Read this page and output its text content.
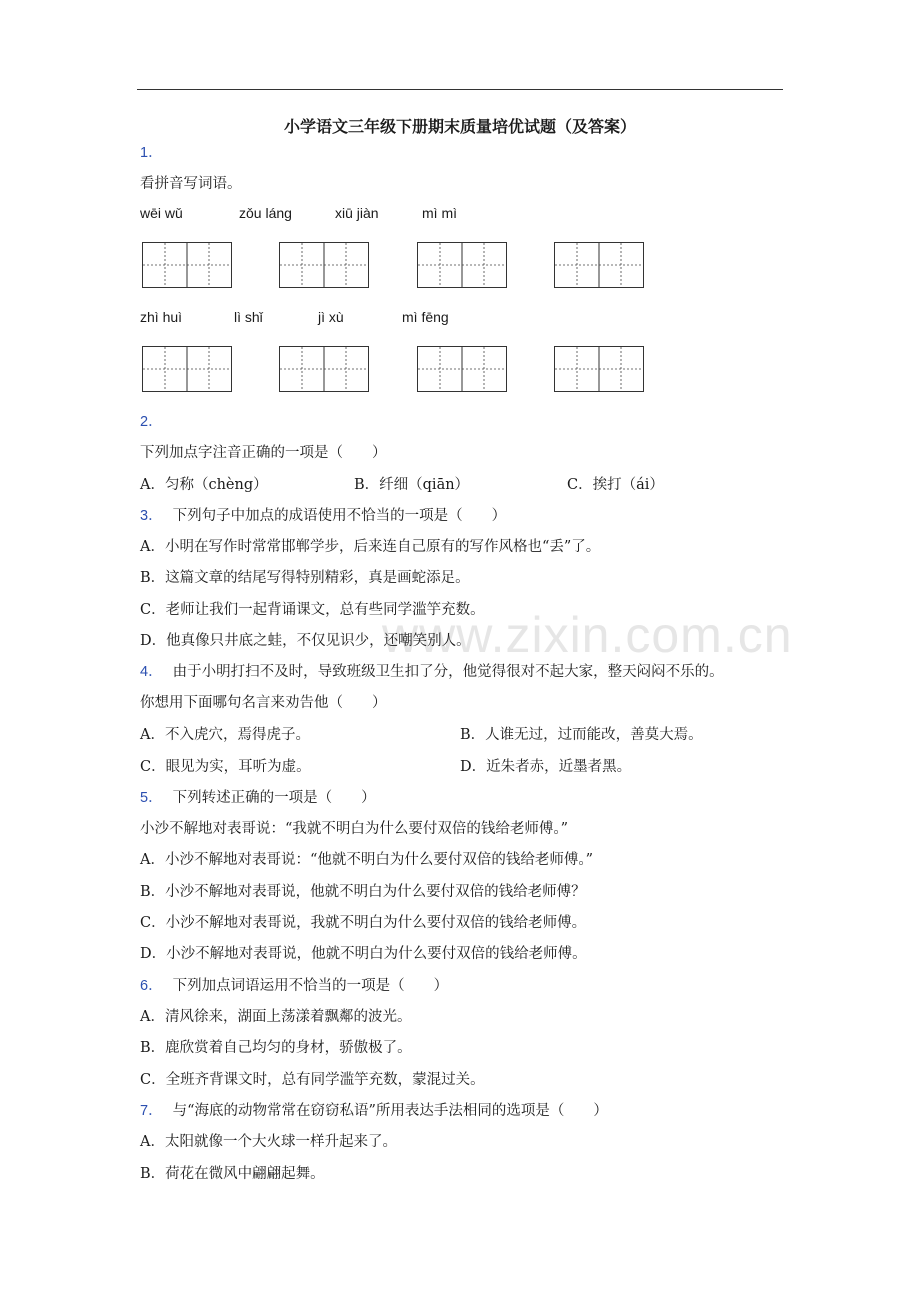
小学语文三年级下册期末质量培优试题（及答案）
www.zixin.com.cn
1．
看拼音写词语。
wēi wǔ	zǒu láng	xiū jiàn	mì mì
zhì huì	lì shǐ	jì xù	mì fēng
2．
下列加点字注音正确的一项是（　　）
A．匀称（chèng）	B．纤细（qiān）	C．挨打（ái）
3． 下列句子中加点的成语使用不恰当的一项是（　　）
A．小明在写作时常常邯郸学步，后来连自己原有的写作风格也“丢”了。
B．这篇文章的结尾写得特别精彩，真是画蛇添足。
C．老师让我们一起背诵课文，总有些同学滥竽充数。
D．他真像只井底之蛙，不仅见识少，还嘲笑别人。
4． 由于小明打扫不及时，导致班级卫生扣了分，他觉得很对不起大家，整天闷闷不乐的。
你想用下面哪句名言来劝告他（　　）
A．不入虎穴，焉得虎子。	B．人谁无过，过而能改，善莫大焉。
C．眼见为实，耳听为虚。	D．近朱者赤，近墨者黑。
5． 下列转述正确的一项是（　　）
小沙不解地对表哥说：“我就不明白为什么要付双倍的钱给老师傅。”
A．小沙不解地对表哥说：“他就不明白为什么要付双倍的钱给老师傅。”
B．小沙不解地对表哥说，他就不明白为什么要付双倍的钱给老师傅？
C．小沙不解地对表哥说，我就不明白为什么要付双倍的钱给老师傅。
D．小沙不解地对表哥说，他就不明白为什么要付双倍的钱给老师傅。
6． 下列加点词语运用不恰当的一项是（　　）
A．清风徐来，湖面上荡漾着飘鄰的波光。
B．鹿欣赏着自己均匀的身材，骄傲极了。
C．全班齐背课文时，总有同学滥竽充数，蒙混过关。
7． 与“海底的动物常常在窃窃私语”所用表达手法相同的选项是（　　）
A．太阳就像一个大火球一样升起来了。
B．荷花在微风中翩翩起舞。
